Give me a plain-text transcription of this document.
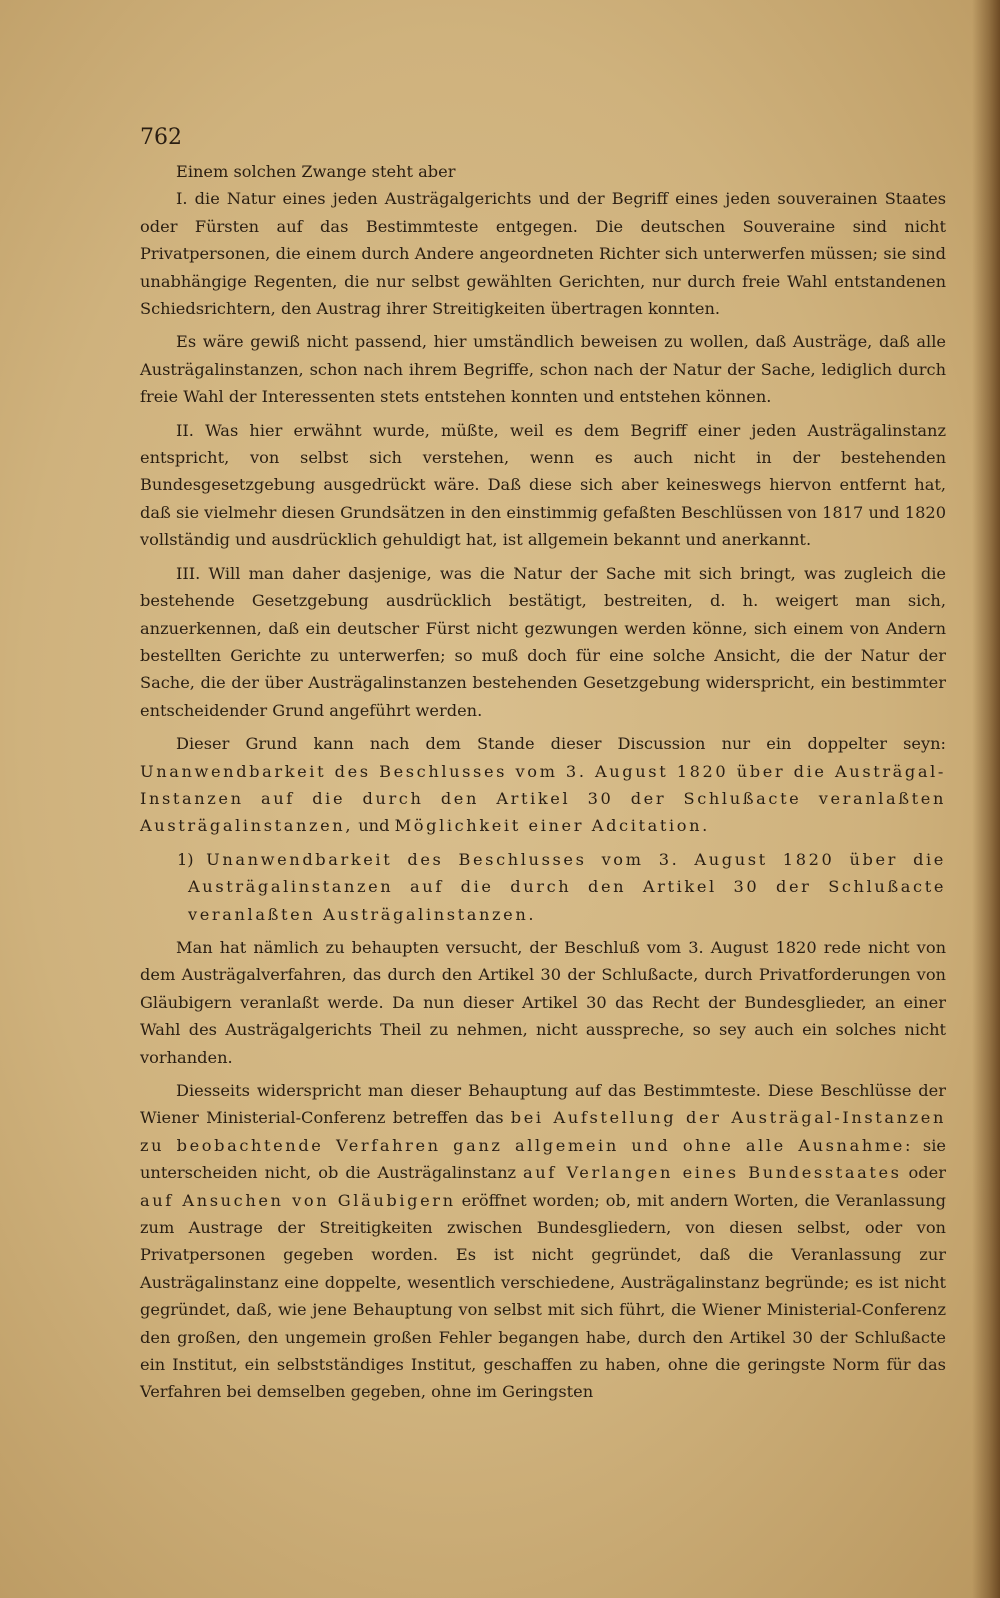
762

Einem solchen Zwange steht aber

I. die Natur eines jeden Austrägalgerichts und der Begriff eines jeden souverainen Staates oder Fürsten auf das Bestimmteste entgegen. Die deutschen Souveraine sind nicht Privatpersonen, die einem durch Andere angeordneten Richter sich unterwerfen müssen; sie sind unabhängige Regenten, die nur selbst gewählten Gerichten, nur durch freie Wahl entstandenen Schiedsrichtern, den Austrag ihrer Streitigkeiten übertragen konnten.

Es wäre gewiß nicht passend, hier umständlich beweisen zu wollen, daß Austräge, daß alle Austrägalinstanzen, schon nach ihrem Begriffe, schon nach der Natur der Sache, lediglich durch freie Wahl der Interessenten stets entstehen konnten und entstehen können.

II. Was hier erwähnt wurde, müßte, weil es dem Begriff einer jeden Austrägalinstanz entspricht, von selbst sich verstehen, wenn es auch nicht in der bestehenden Bundesgesetzgebung ausgedrückt wäre. Daß diese sich aber keineswegs hiervon entfernt hat, daß sie vielmehr diesen Grundsätzen in den einstimmig gefaßten Beschlüssen von 1817 und 1820 vollständig und ausdrücklich gehuldigt hat, ist allgemein bekannt und anerkannt.

III. Will man daher dasjenige, was die Natur der Sache mit sich bringt, was zugleich die bestehende Gesetzgebung ausdrücklich bestätigt, bestreiten, d. h. weigert man sich, anzuerkennen, daß ein deutscher Fürst nicht gezwungen werden könne, sich einem von Andern bestellten Gerichte zu unterwerfen; so muß doch für eine solche Ansicht, die der Natur der Sache, die der über Austrägalinstanzen bestehenden Gesetzgebung widerspricht, ein bestimmter entscheidender Grund angeführt werden.

Dieser Grund kann nach dem Stande dieser Discussion nur ein doppelter seyn: Unanwendbarkeit des Beschlusses vom 3. August 1820 über die Austrägal-Instanzen auf die durch den Artikel 30 der Schlußacte veranlaßten Austrägalinstanzen, und Möglichkeit einer Adcitation.

1) Unanwendbarkeit des Beschlusses vom 3. August 1820 über die Austrägalinstanzen auf die durch den Artikel 30 der Schlußacte veranlaßten Austrägalinstanzen.

Man hat nämlich zu behaupten versucht, der Beschluß vom 3. August 1820 rede nicht von dem Austrägalverfahren, das durch den Artikel 30 der Schlußacte, durch Privatforderungen von Gläubigern veranlaßt werde. Da nun dieser Artikel 30 das Recht der Bundesglieder, an einer Wahl des Austrägalgerichts Theil zu nehmen, nicht ausspreche, so sey auch ein solches nicht vorhanden.

Diesseits widerspricht man dieser Behauptung auf das Bestimmteste. Diese Beschlüsse der Wiener Ministerial-Conferenz betreffen das bei Aufstellung der Austrägal-Instanzen zu beobachtende Verfahren ganz allgemein und ohne alle Ausnahme: sie unterscheiden nicht, ob die Austrägalinstanz auf Verlangen eines Bundesstaates oder auf Ansuchen von Gläubigern eröffnet worden; ob, mit andern Worten, die Veranlassung zum Austrage der Streitigkeiten zwischen Bundesgliedern, von diesen selbst, oder von Privatpersonen gegeben worden. Es ist nicht gegründet, daß die Veranlassung zur Austrägalinstanz eine doppelte, wesentlich verschiedene, Austrägalinstanz begründe; es ist nicht gegründet, daß, wie jene Behauptung von selbst mit sich führt, die Wiener Ministerial-Conferenz den großen, den ungemein großen Fehler begangen habe, durch den Artikel 30 der Schlußacte ein Institut, ein selbstständiges Institut, geschaffen zu haben, ohne die geringste Norm für das Verfahren bei demselben gegeben, ohne im Geringsten
